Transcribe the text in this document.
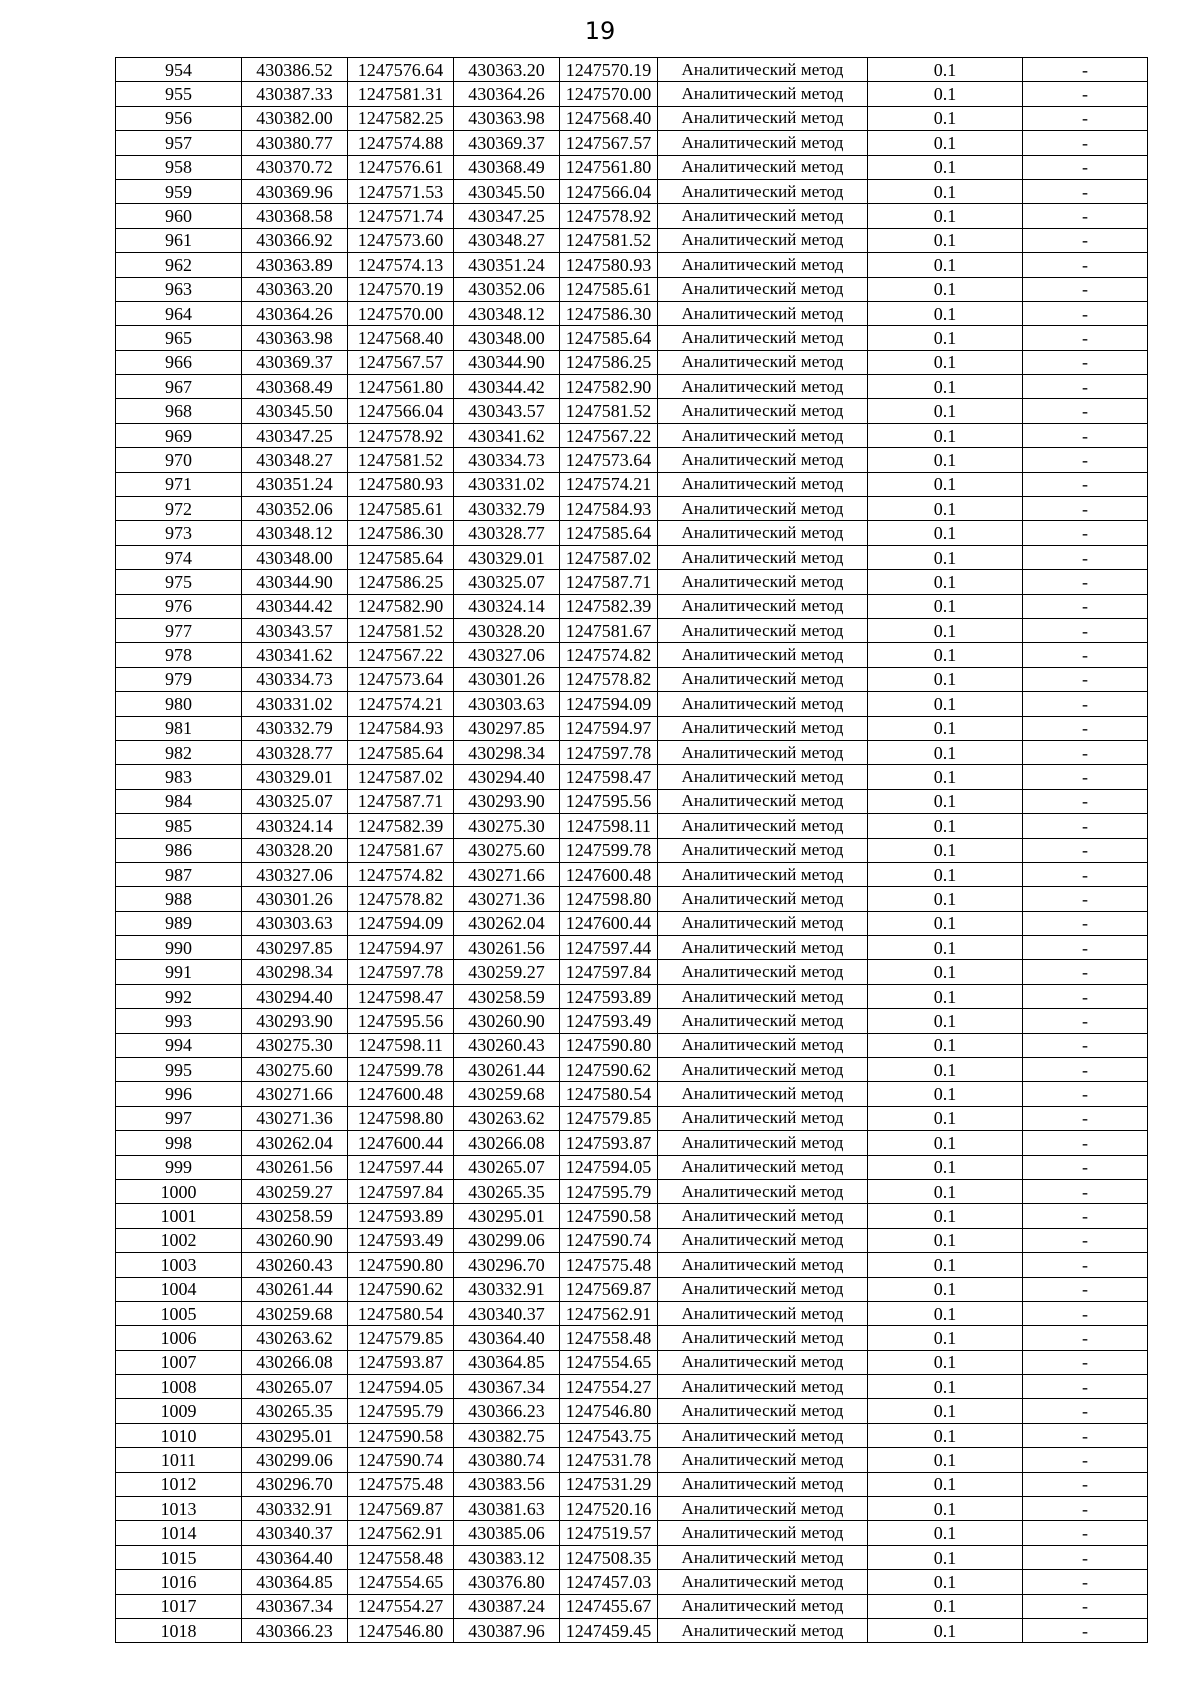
19
954	430386.52	1247576.64	430363.20	1247570.19	Аналитический метод	0.1	-
955	430387.33	1247581.31	430364.26	1247570.00	Аналитический метод	0.1	-
956	430382.00	1247582.25	430363.98	1247568.40	Аналитический метод	0.1	-
957	430380.77	1247574.88	430369.37	1247567.57	Аналитический метод	0.1	-
958	430370.72	1247576.61	430368.49	1247561.80	Аналитический метод	0.1	-
959	430369.96	1247571.53	430345.50	1247566.04	Аналитический метод	0.1	-
960	430368.58	1247571.74	430347.25	1247578.92	Аналитический метод	0.1	-
961	430366.92	1247573.60	430348.27	1247581.52	Аналитический метод	0.1	-
962	430363.89	1247574.13	430351.24	1247580.93	Аналитический метод	0.1	-
963	430363.20	1247570.19	430352.06	1247585.61	Аналитический метод	0.1	-
964	430364.26	1247570.00	430348.12	1247586.30	Аналитический метод	0.1	-
965	430363.98	1247568.40	430348.00	1247585.64	Аналитический метод	0.1	-
966	430369.37	1247567.57	430344.90	1247586.25	Аналитический метод	0.1	-
967	430368.49	1247561.80	430344.42	1247582.90	Аналитический метод	0.1	-
968	430345.50	1247566.04	430343.57	1247581.52	Аналитический метод	0.1	-
969	430347.25	1247578.92	430341.62	1247567.22	Аналитический метод	0.1	-
970	430348.27	1247581.52	430334.73	1247573.64	Аналитический метод	0.1	-
971	430351.24	1247580.93	430331.02	1247574.21	Аналитический метод	0.1	-
972	430352.06	1247585.61	430332.79	1247584.93	Аналитический метод	0.1	-
973	430348.12	1247586.30	430328.77	1247585.64	Аналитический метод	0.1	-
974	430348.00	1247585.64	430329.01	1247587.02	Аналитический метод	0.1	-
975	430344.90	1247586.25	430325.07	1247587.71	Аналитический метод	0.1	-
976	430344.42	1247582.90	430324.14	1247582.39	Аналитический метод	0.1	-
977	430343.57	1247581.52	430328.20	1247581.67	Аналитический метод	0.1	-
978	430341.62	1247567.22	430327.06	1247574.82	Аналитический метод	0.1	-
979	430334.73	1247573.64	430301.26	1247578.82	Аналитический метод	0.1	-
980	430331.02	1247574.21	430303.63	1247594.09	Аналитический метод	0.1	-
981	430332.79	1247584.93	430297.85	1247594.97	Аналитический метод	0.1	-
982	430328.77	1247585.64	430298.34	1247597.78	Аналитический метод	0.1	-
983	430329.01	1247587.02	430294.40	1247598.47	Аналитический метод	0.1	-
984	430325.07	1247587.71	430293.90	1247595.56	Аналитический метод	0.1	-
985	430324.14	1247582.39	430275.30	1247598.11	Аналитический метод	0.1	-
986	430328.20	1247581.67	430275.60	1247599.78	Аналитический метод	0.1	-
987	430327.06	1247574.82	430271.66	1247600.48	Аналитический метод	0.1	-
988	430301.26	1247578.82	430271.36	1247598.80	Аналитический метод	0.1	-
989	430303.63	1247594.09	430262.04	1247600.44	Аналитический метод	0.1	-
990	430297.85	1247594.97	430261.56	1247597.44	Аналитический метод	0.1	-
991	430298.34	1247597.78	430259.27	1247597.84	Аналитический метод	0.1	-
992	430294.40	1247598.47	430258.59	1247593.89	Аналитический метод	0.1	-
993	430293.90	1247595.56	430260.90	1247593.49	Аналитический метод	0.1	-
994	430275.30	1247598.11	430260.43	1247590.80	Аналитический метод	0.1	-
995	430275.60	1247599.78	430261.44	1247590.62	Аналитический метод	0.1	-
996	430271.66	1247600.48	430259.68	1247580.54	Аналитический метод	0.1	-
997	430271.36	1247598.80	430263.62	1247579.85	Аналитический метод	0.1	-
998	430262.04	1247600.44	430266.08	1247593.87	Аналитический метод	0.1	-
999	430261.56	1247597.44	430265.07	1247594.05	Аналитический метод	0.1	-
1000	430259.27	1247597.84	430265.35	1247595.79	Аналитический метод	0.1	-
1001	430258.59	1247593.89	430295.01	1247590.58	Аналитический метод	0.1	-
1002	430260.90	1247593.49	430299.06	1247590.74	Аналитический метод	0.1	-
1003	430260.43	1247590.80	430296.70	1247575.48	Аналитический метод	0.1	-
1004	430261.44	1247590.62	430332.91	1247569.87	Аналитический метод	0.1	-
1005	430259.68	1247580.54	430340.37	1247562.91	Аналитический метод	0.1	-
1006	430263.62	1247579.85	430364.40	1247558.48	Аналитический метод	0.1	-
1007	430266.08	1247593.87	430364.85	1247554.65	Аналитический метод	0.1	-
1008	430265.07	1247594.05	430367.34	1247554.27	Аналитический метод	0.1	-
1009	430265.35	1247595.79	430366.23	1247546.80	Аналитический метод	0.1	-
1010	430295.01	1247590.58	430382.75	1247543.75	Аналитический метод	0.1	-
1011	430299.06	1247590.74	430380.74	1247531.78	Аналитический метод	0.1	-
1012	430296.70	1247575.48	430383.56	1247531.29	Аналитический метод	0.1	-
1013	430332.91	1247569.87	430381.63	1247520.16	Аналитический метод	0.1	-
1014	430340.37	1247562.91	430385.06	1247519.57	Аналитический метод	0.1	-
1015	430364.40	1247558.48	430383.12	1247508.35	Аналитический метод	0.1	-
1016	430364.85	1247554.65	430376.80	1247457.03	Аналитический метод	0.1	-
1017	430367.34	1247554.27	430387.24	1247455.67	Аналитический метод	0.1	-
1018	430366.23	1247546.80	430387.96	1247459.45	Аналитический метод	0.1	-
